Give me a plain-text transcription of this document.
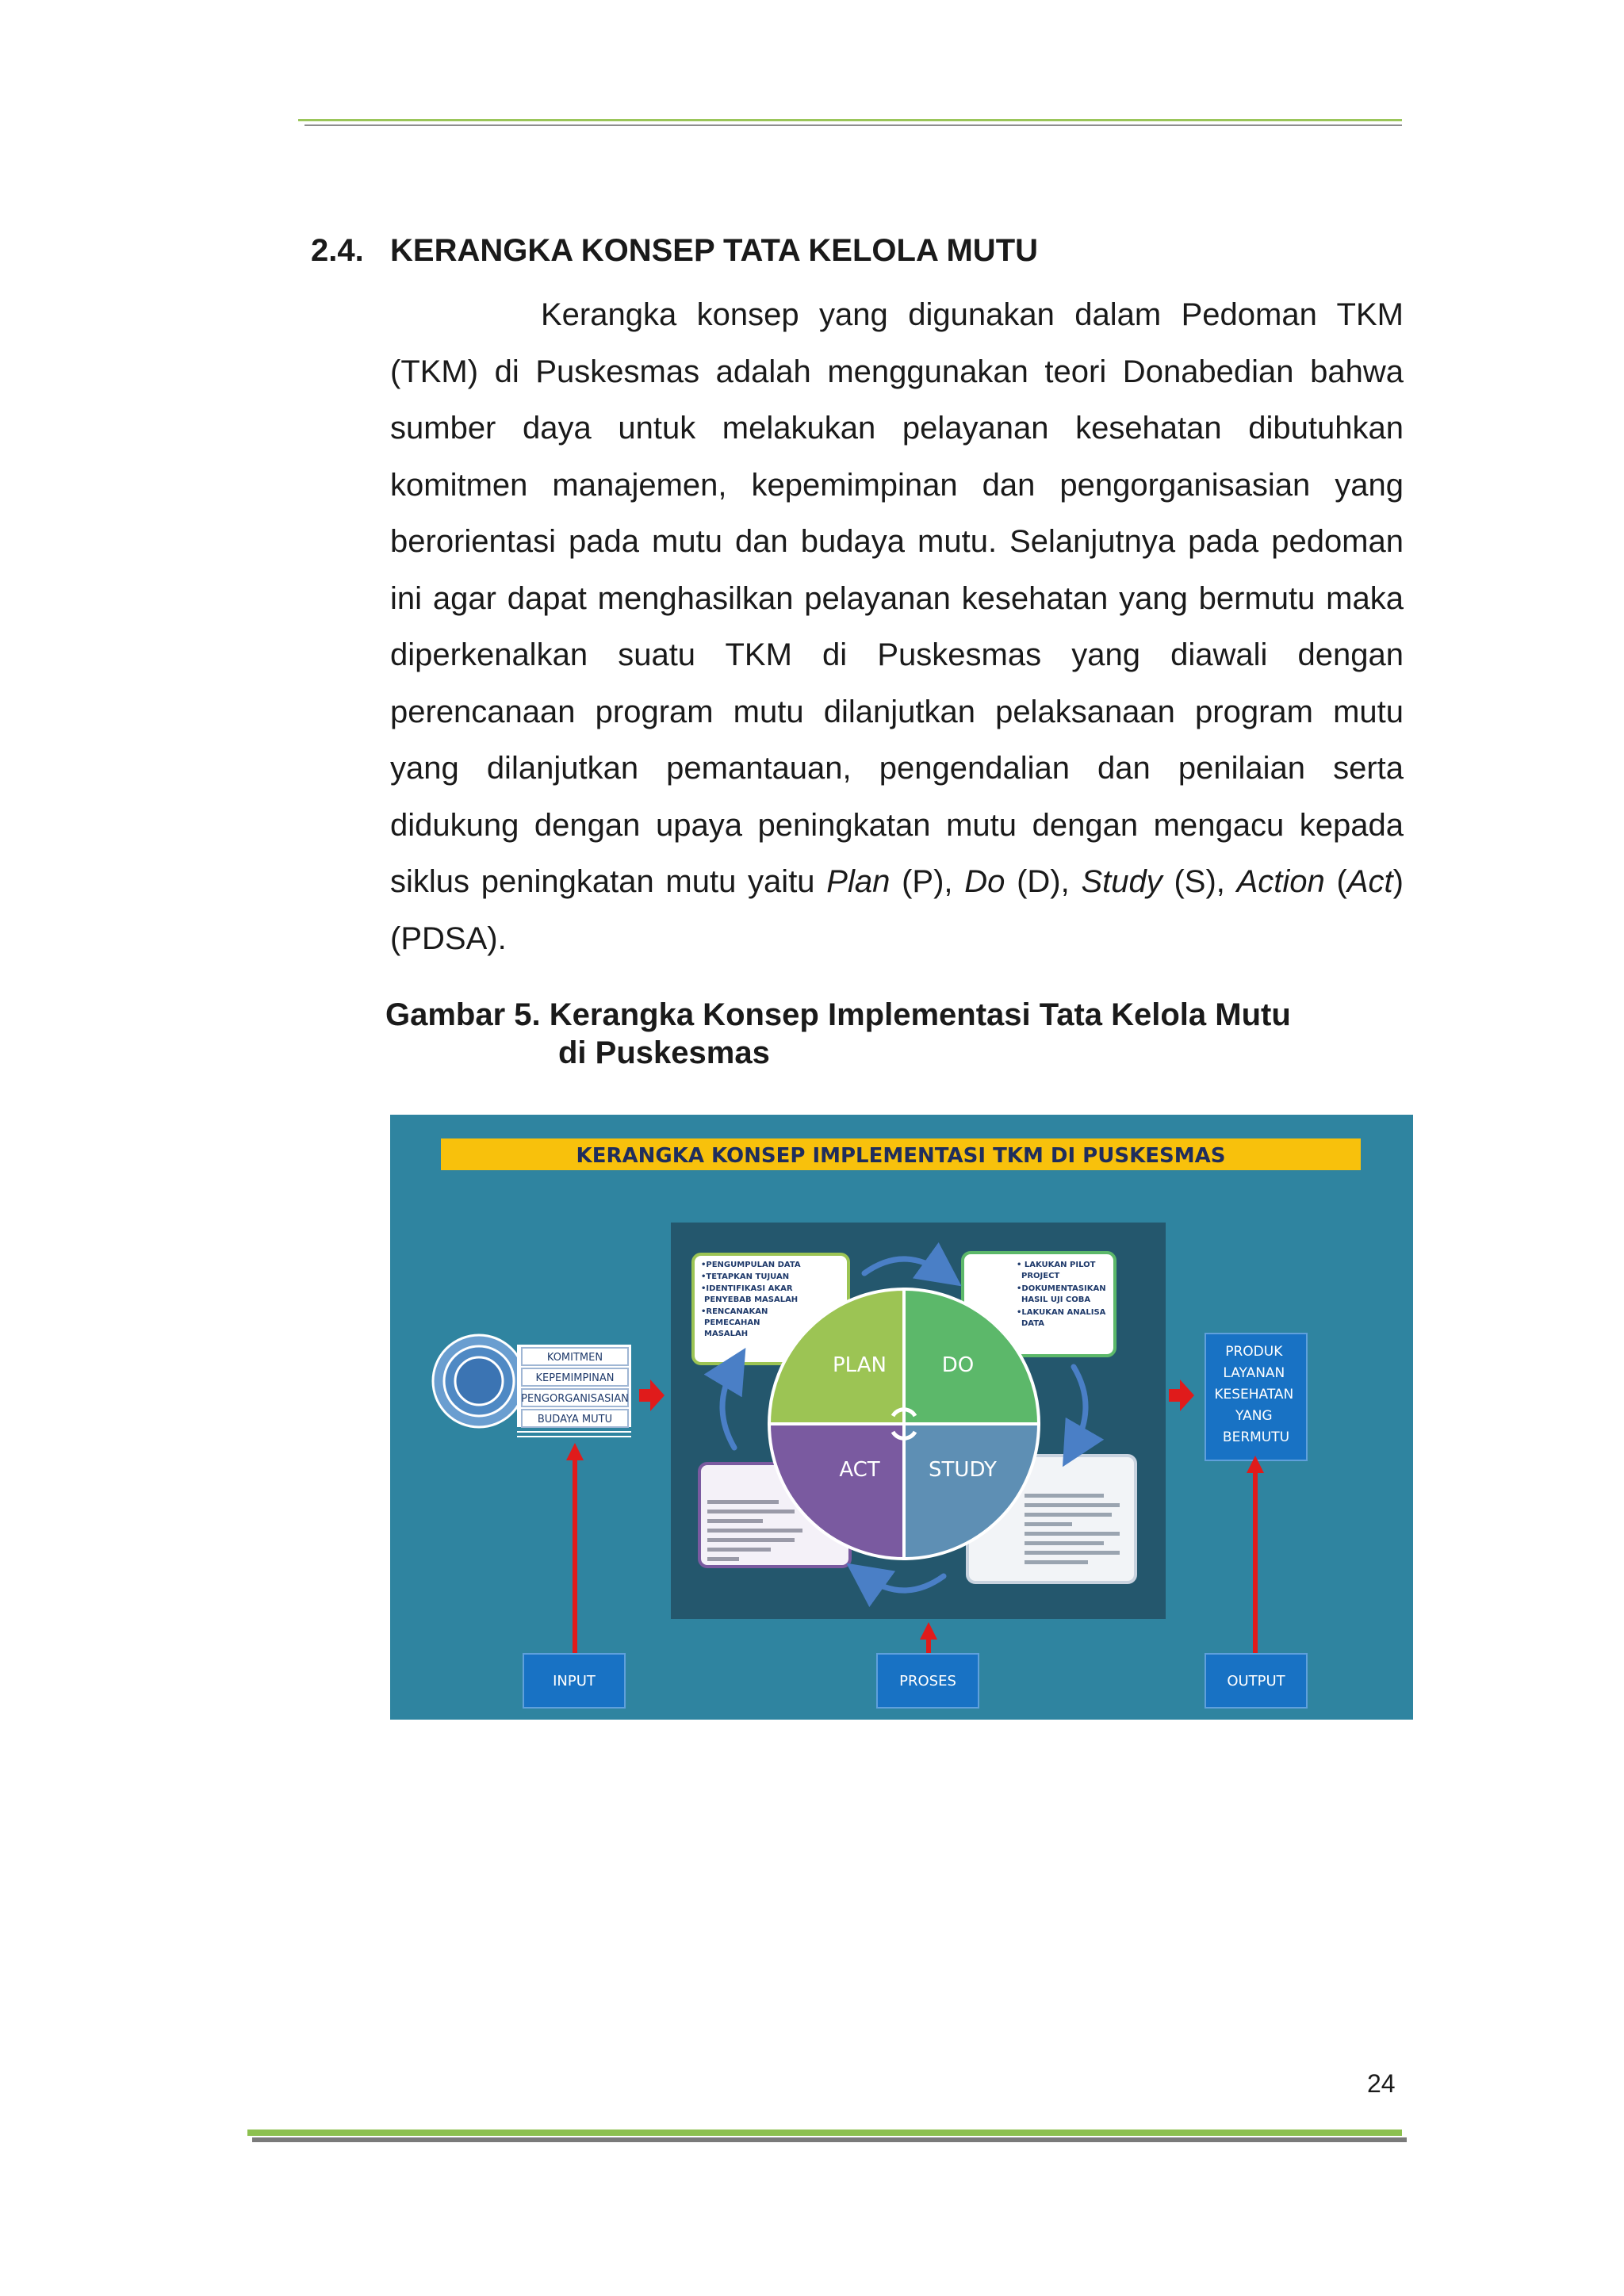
2.4. KERANGKA KONSEP TATA KELOLA MUTU

Kerangka konsep yang digunakan dalam Pedoman TKM (TKM) di Puskesmas adalah menggunakan teori Donabedian bahwa sumber daya untuk melakukan pelayanan kesehatan dibutuhkan komitmen manajemen, kepemimpinan dan pengorganisasian yang berorientasi pada mutu dan budaya mutu. Selanjutnya pada pedoman ini agar dapat menghasilkan pelayanan kesehatan yang bermutu maka diperkenalkan suatu TKM di Puskesmas yang diawali dengan perencanaan program mutu dilanjutkan pelaksanaan program mutu yang dilanjutkan pemantauan, pengendalian dan penilaian serta didukung dengan upaya peningkatan mutu dengan mengacu kepada siklus peningkatan mutu yaitu Plan (P), Do (D), Study (S), Action (Act) (PDSA).

Gambar 5. Kerangka Konsep Implementasi Tata Kelola Mutu
di Puskesmas
KERANGKA KONSEP IMPLEMENTASI TKM DI PUSKESMAS
KOMITMEN
KEPEMIMPINAN
PENGORGANISASIAN
BUDAYA MUTU
•PENGUMPULAN DATA •TETAPKAN TUJUAN •IDENTIFIKASI AKAR PENYEBAB MASALAH •RENCANAKAN PEMECAHAN MASALAH
• LAKUKAN PILOT PROJECT •DOKUMENTASIKAN HASIL UJI COBA •LAKUKAN ANALISA DATA
PLAN	DO
ACT STUDY
PRODUK LAYANAN KESEHATAN YANG BERMUTU
INPUT	PROSES	OUTPUT
24
